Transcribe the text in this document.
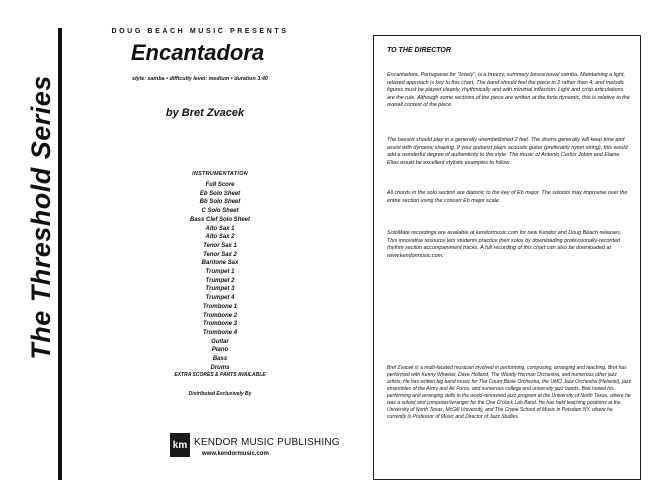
The Threshold Series
DOUG BEACH MUSIC PRESENTS
Encantadora
style: samba • difficulty level: medium • duration 3:40
by Bret Zvacek
INSTRUMENTATION
Full Score
Eb Solo Sheet
Bb Solo Sheet
C Solo Sheet
Bass Clef Solo Sheet
Alto Sax 1
Alto Sax 2
Tenor Sax 1
Tenor Sax 2
Baritone Sax
Trumpet 1
Trumpet 2
Trumpet 3
Trumpet 4
Trombone 1
Trombone 2
Trombone 3
Trombone 4
Guitar
Piano
Bass
Drums
EXTRA SCORES & PARTS AVAILABLE
Distributed Exclusively By
km KENDOR MUSIC PUBLISHING
www.kendormusic.com
TO THE DIRECTOR

Encantadora, Portuguese for "lovely", is a breezy, summery bossa nova/ samba. Maintaining a light, relaxed approach is key to this chart. The band should feel the piece in 2 rather than 4, and melodic figures must be played cleanly, rhythmically and with minimal inflection. Light and crisp articulations are the rule. Although some sections of the piece are written at the forte dynamic, this is relative to the overall context of the piece.

The bassist should play in a generally unembellished 2 feel. The drums generally will keep time and assist with dynamic shaping. If your guitarist plays acoustic guitar (preferably nylon string), this would add a wonderful degree of authenticity to the style. The music of Antonio Carlos Jobim and Elaine Elias would be excellent stylistic examples to follow.

All chords in the solo section are diatonic to the key of Eb major. The soloists may improvise over the entire section using the concert Eb major scale.

SoloMate recordings are available at kendormusic.com for new Kendor and Doug Beach releases. This innovative resource lets students practice their solos by downloading professionally-recorded rhythm section accompaniment tracks. A full recording of this chart can also be downloaded at www.kendormusic.com.

Bret Zvacek is a multi-faceted musician involved in performing, composing, arranging and teaching. Bret has performed with Kenny Wheeler, Dave Holland, The Woody Herman Orchestra, and numerous other jazz artists. He has written big band music for The Count Basie Orchestra, the UMO Jazz Orchestra (Helsinki), jazz ensembles of the Army and Air Force, and numerous college and university jazz bands. Bret honed his performing and arranging skills in the world-renowned jazz program at the University of North Texas, where he was a soloist and composer/arranger for the One O'clock Lab Band. He has held teaching positions at the University of North Texas, McGill University, and The Crane School of Music in Potsdam NY, where he currently is Professor of Music and Director of Jazz Studies.
